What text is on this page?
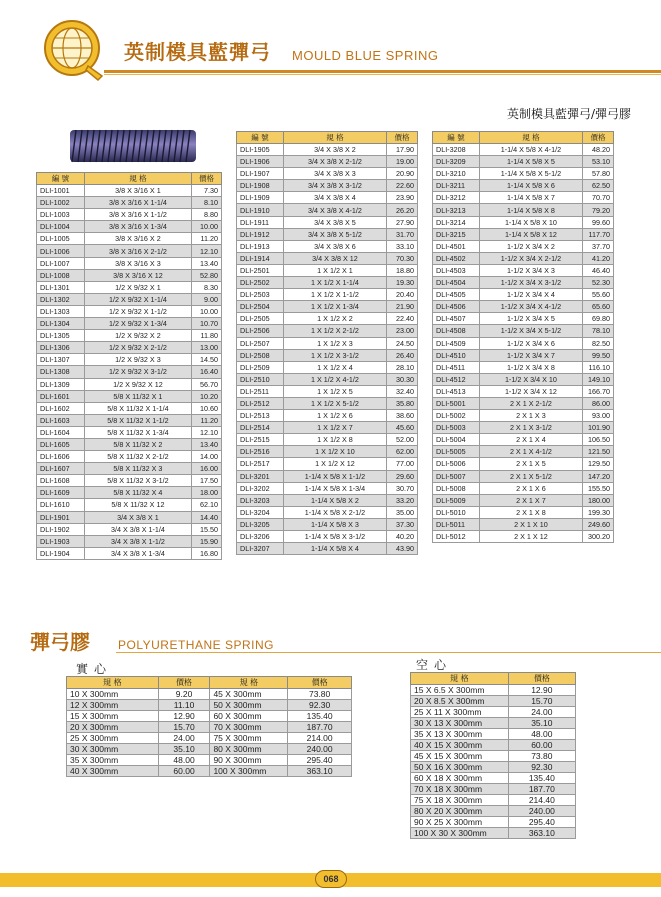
英制模具藍彈弓 MOULD BLUE SPRING
英制模具藍彈弓/彈弓膠
編 號	規 格	價格
DLI-1001	3/8 X 3/16 X 1	7.30
DLI-1002	3/8 X 3/16 X 1-1/4	8.10
DLI-1003	3/8 X 3/16 X 1-1/2	8.80
DLI-1004	3/8 X 3/16 X 1-3/4	10.00
DLI-1005	3/8 X 3/16 X 2	11.20
DLI-1006	3/8 X 3/16 X 2-1/2	12.10
DLI-1007	3/8 X 3/16 X 3	13.40
DLI-1008	3/8 X 3/16 X 12	52.80
DLI-1301	1/2 X 9/32 X 1	8.30
DLI-1302	1/2 X 9/32 X 1-1/4	9.00
DLI-1303	1/2 X 9/32 X 1-1/2	10.00
DLI-1304	1/2 X 9/32 X 1-3/4	10.70
DLI-1305	1/2 X 9/32 X 2	11.80
DLI-1306	1/2 X 9/32 X 2-1/2	13.00
DLI-1307	1/2 X 9/32 X 3	14.50
DLI-1308	1/2 X 9/32 X 3-1/2	16.40
DLI-1309	1/2 X 9/32 X 12	56.70
DLI-1601	5/8 X 11/32 X 1	10.20
DLI-1602	5/8 X 11/32 X 1-1/4	10.60
DLI-1603	5/8 X 11/32 X 1-1/2	11.20
DLI-1604	5/8 X 11/32 X 1-3/4	12.10
DLI-1605	5/8 X 11/32 X 2	13.40
DLI-1606	5/8 X 11/32 X 2-1/2	14.00
DLI-1607	5/8 X 11/32 X 3	16.00
DLI-1608	5/8 X 11/32 X 3-1/2	17.50
DLI-1609	5/8 X 11/32 X 4	18.00
DLI-1610	5/8 X 11/32 X 12	62.10
DLI-1901	3/4 X 3/8 X 1	14.40
DLI-1902	3/4 X 3/8 X 1-1/4	15.50
DLI-1903	3/4 X 3/8 X 1-1/2	15.90
DLI-1904	3/4 X 3/8 X 1-3/4	16.80
編 號	規 格	價格
DLI-1905	3/4 X 3/8 X 2	17.90
DLI-1906	3/4 X 3/8 X 2-1/2	19.00
DLI-1907	3/4 X 3/8 X 3	20.90
DLI-1908	3/4 X 3/8 X 3-1/2	22.60
DLI-1909	3/4 X 3/8 X 4	23.90
DLI-1910	3/4 X 3/8 X 4-1/2	26.20
DLI-1911	3/4 X 3/8 X 5	27.90
DLI-1912	3/4 X 3/8 X 5-1/2	31.70
DLI-1913	3/4 X 3/8 X 6	33.10
DLI-1914	3/4 X 3/8 X 12	70.30
DLI-2501	1 X 1/2 X 1	18.80
DLI-2502	1 X 1/2 X 1-1/4	19.30
DLI-2503	1 X 1/2 X 1-1/2	20.40
DLI-2504	1 X 1/2 X 1-3/4	21.90
DLI-2505	1 X 1/2 X 2	22.40
DLI-2506	1 X 1/2 X 2-1/2	23.00
DLI-2507	1 X 1/2 X 3	24.50
DLI-2508	1 X 1/2 X 3-1/2	26.40
DLI-2509	1 X 1/2 X 4	28.10
DLI-2510	1 X 1/2 X 4-1/2	30.30
DLI-2511	1 X 1/2 X 5	32.40
DLI-2512	1 X 1/2 X 5-1/2	35.80
DLI-2513	1 X 1/2 X 6	38.60
DLI-2514	1 X 1/2 X 7	45.60
DLI-2515	1 X 1/2 X 8	52.00
DLI-2516	1 X 1/2 X 10	62.00
DLI-2517	1 X 1/2 X 12	77.00
DLI-3201	1-1/4 X 5/8 X 1-1/2	29.60
DLI-3202	1-1/4 X 5/8 X 1-3/4	30.70
DLI-3203	1-1/4 X 5/8 X 2	33.20
DLI-3204	1-1/4 X 5/8 X 2-1/2	35.00
DLI-3205	1-1/4 X 5/8 X 3	37.30
DLI-3206	1-1/4 X 5/8 X 3-1/2	40.20
DLI-3207	1-1/4 X 5/8 X 4	43.90
編 號	規 格	價格
DLI-3208	1-1/4 X 5/8 X 4-1/2	48.20
DLI-3209	1-1/4 X 5/8 X 5	53.10
DLI-3210	1-1/4 X 5/8 X 5-1/2	57.80
DLI-3211	1-1/4 X 5/8 X 6	62.50
DLI-3212	1-1/4 X 5/8 X 7	70.70
DLI-3213	1-1/4 X 5/8 X 8	79.20
DLI-3214	1-1/4 X 5/8 X 10	99.60
DLI-3215	1-1/4 X 5/8 X 12	117.70
DLI-4501	1-1/2 X 3/4 X 2	37.70
DLI-4502	1-1/2 X 3/4 X 2-1/2	41.20
DLI-4503	1-1/2 X 3/4 X 3	46.40
DLI-4504	1-1/2 X 3/4 X 3-1/2	52.30
DLI-4505	1-1/2 X 3/4 X 4	55.60
DLI-4506	1-1/2 X 3/4 X 4-1/2	65.60
DLI-4507	1-1/2 X 3/4 X 5	69.80
DLI-4508	1-1/2 X 3/4 X 5-1/2	78.10
DLI-4509	1-1/2 X 3/4 X 6	82.50
DLI-4510	1-1/2 X 3/4 X 7	99.50
DLI-4511	1-1/2 X 3/4 X 8	116.10
DLI-4512	1-1/2 X 3/4 X 10	149.10
DLI-4513	1-1/2 X 3/4 X 12	166.70
DLI-5001	2 X 1 X 2-1/2	86.00
DLI-5002	2 X 1 X 3	93.00
DLI-5003	2 X 1 X 3-1/2	101.90
DLI-5004	2 X 1 X 4	106.50
DLI-5005	2 X 1 X 4-1/2	121.50
DLI-5006	2 X 1 X 5	129.50
DLI-5007	2 X 1 X 5-1/2	147.20
DLI-5008	2 X 1 X 6	155.50
DLI-5009	2 X 1 X 7	180.00
DLI-5010	2 X 1 X 8	199.30
DLI-5011	2 X 1 X 10	249.60
DLI-5012	2 X 1 X 12	300.20
彈弓膠 POLYURETHANE SPRING
實心	空心
規 格	價格	規 格	價格
10 X 300mm	9.20	45 X 300mm	73.80
12 X 300mm	11.10	50 X 300mm	92.30
15 X 300mm	12.90	60 X 300mm	135.40
20 X 300mm	15.70	70 X 300mm	187.70
25 X 300mm	24.00	75 X 300mm	214.00
30 X 300mm	35.10	80 X 300mm	240.00
35 X 300mm	48.00	90 X 300mm	295.40
40 X 300mm	60.00	100 X 300mm	363.10
規 格	價格
15 X 6.5 X 300mm	12.90
20 X 8.5 X 300mm	15.70
25 X 11 X 300mm	24.00
30 X 13 X 300mm	35.10
35 X 13 X 300mm	48.00
40 X 15 X 300mm	60.00
45 X 15 X 300mm	73.80
50 X 16 X 300mm	92.30
60 X 18 X 300mm	135.40
70 X 18 X 300mm	187.70
75 X 18 X 300mm	214.40
80 X 20 X 300mm	240.00
90 X 25 X 300mm	295.40
100 X 30 X 300mm	363.10
068
